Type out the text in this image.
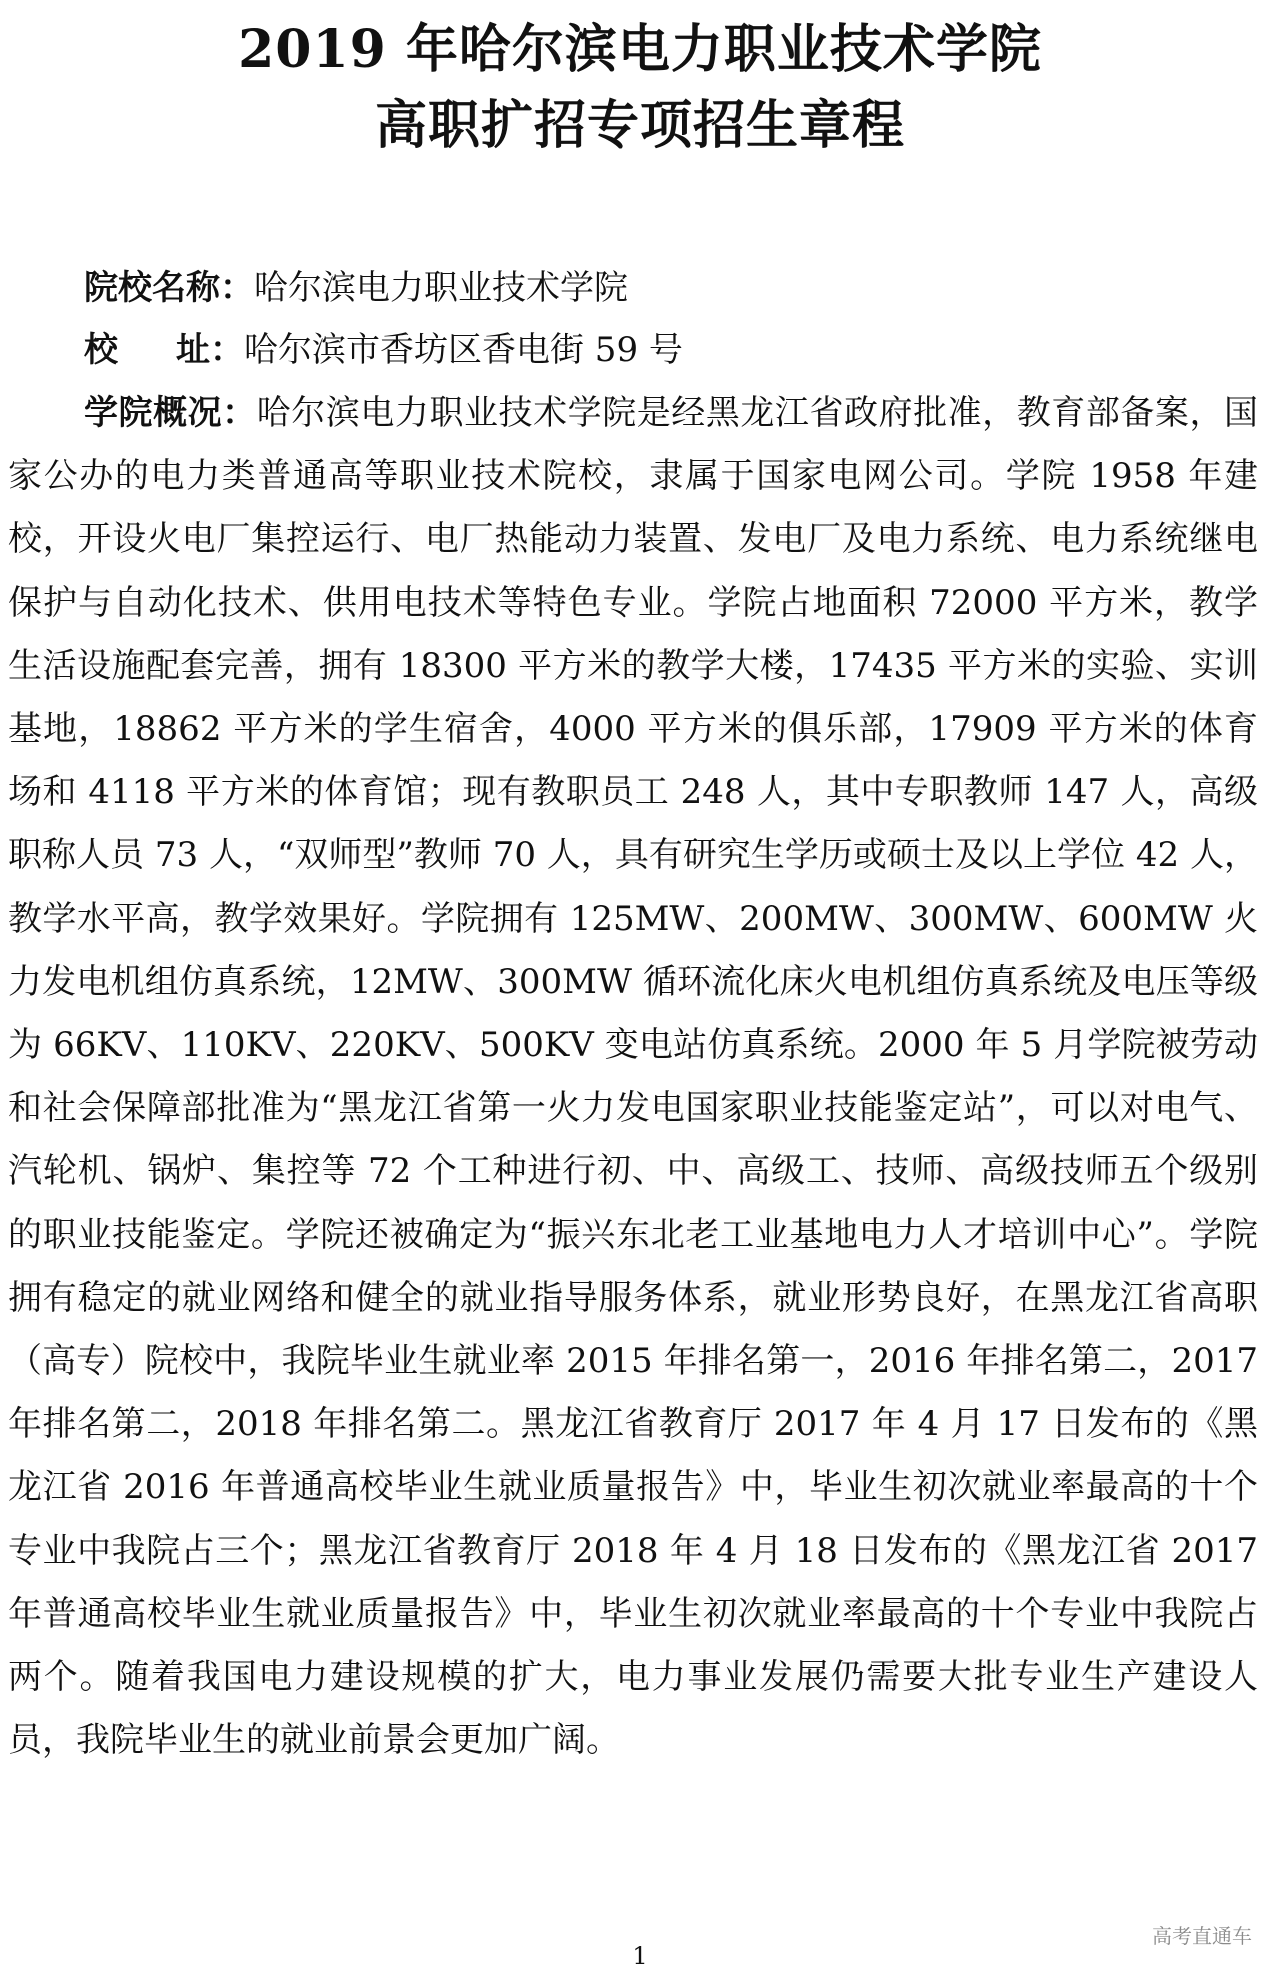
2019 年哈尔滨电力职业技术学院
高职扩招专项招生章程

院校名称：哈尔滨电力职业技术学院

校 址：哈尔滨市香坊区香电街 59 号

学院概况：哈尔滨电力职业技术学院是经黑龙江省政府批准，教育部备案，国家公办的电力类普通高等职业技术院校，隶属于国家电网公司。学院 1958 年建校，开设火电厂集控运行、电厂热能动力装置、发电厂及电力系统、电力系统继电保护与自动化技术、供用电技术等特色专业。学院占地面积 72000 平方米，教学生活设施配套完善，拥有 18300 平方米的教学大楼，17435 平方米的实验、实训基地，18862 平方米的学生宿舍，4000 平方米的俱乐部，17909 平方米的体育场和 4118 平方米的体育馆；现有教职员工 248 人，其中专职教师 147 人，高级职称人员 73 人，“双师型”教师 70 人，具有研究生学历或硕士及以上学位 42 人，教学水平高，教学效果好。学院拥有 125MW、200MW、300MW、600MW 火力发电机组仿真系统，12MW、300MW 循环流化床火电机组仿真系统及电压等级为 66KV、110KV、220KV、500KV 变电站仿真系统。2000 年 5 月学院被劳动和社会保障部批准为“黑龙江省第一火力发电国家职业技能鉴定站”，可以对电气、汽轮机、锅炉、集控等 72 个工种进行初、中、高级工、技师、高级技师五个级别的职业技能鉴定。学院还被确定为“振兴东北老工业基地电力人才培训中心”。学院拥有稳定的就业网络和健全的就业指导服务体系，就业形势良好，在黑龙江省高职（高专）院校中，我院毕业生就业率 2015 年排名第一，2016 年排名第二，2017 年排名第二，2018 年排名第二。黑龙江省教育厅 2017 年 4 月 17 日发布的《黑龙江省 2016 年普通高校毕业生就业质量报告》中，毕业生初次就业率最高的十个专业中我院占三个；黑龙江省教育厅 2018 年 4 月 18 日发布的《黑龙江省 2017 年普通高校毕业生就业质量报告》中，毕业生初次就业率最高的十个专业中我院占两个。随着我国电力建设规模的扩大，电力事业发展仍需要大批专业生产建设人员，我院毕业生的就业前景会更加广阔。

高考直通车
1
